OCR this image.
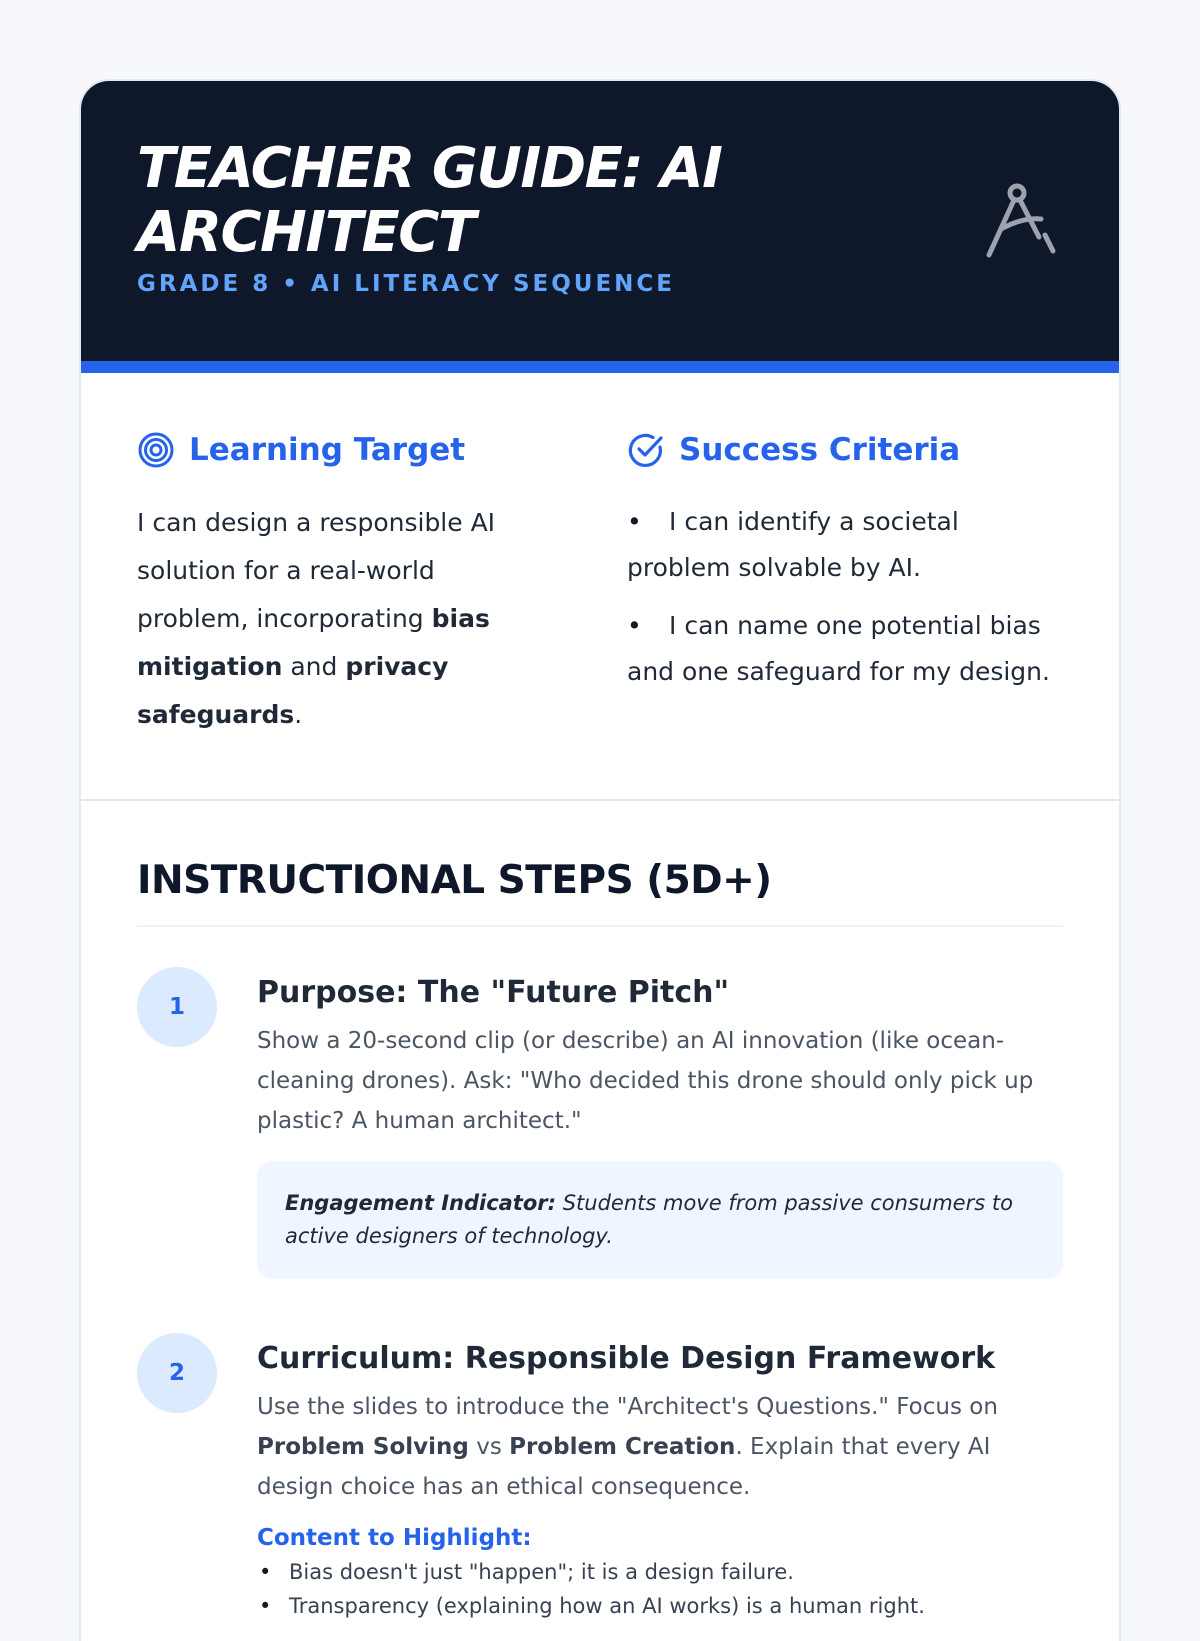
TEACHER GUIDE: AI ARCHITECT
GRADE 8 • AI LITERACY SEQUENCE
Learning Target

I can design a responsible AI solution for a real-world problem, incorporating bias mitigation and privacy safeguards.

Success Criteria
• I can identify a societal problem solvable by AI.
• I can name one potential bias and one safeguard for my design.
INSTRUCTIONAL STEPS (5D+)
1	Purpose: The "Future Pitch"

Show a 20-second clip (or describe) an AI innovation (like ocean-cleaning drones). Ask: "Who decided this drone should only pick up plastic? A human architect."

Engagement Indicator: Students move from passive consumers to active designers of technology.
2	Curriculum: Responsible Design Framework

Use the slides to introduce the "Architect's Questions." Focus on Problem Solving vs Problem Creation. Explain that every AI design choice has an ethical consequence.

Content to Highlight:

• Bias doesn't just "happen"; it is a design failure.
• Transparency (explaining how an AI works) is a human right.
